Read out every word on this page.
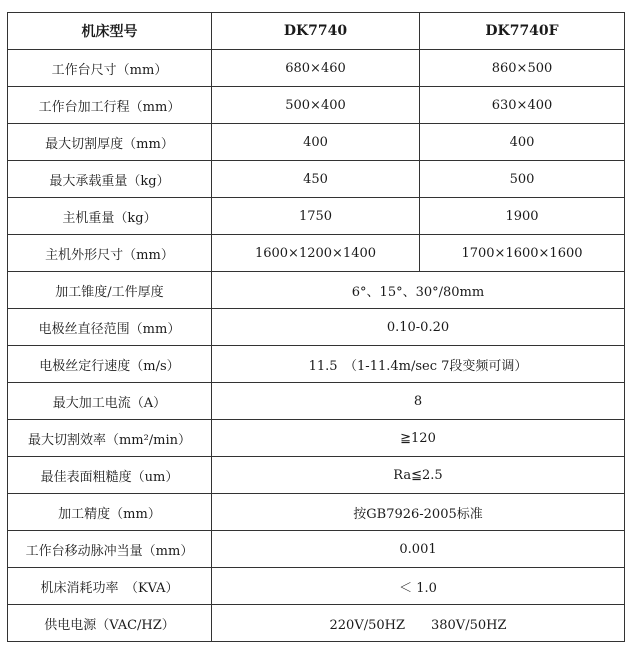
机床型号	DK7740	DK7740F
工作台尺寸（mm）	680×460	860×500
工作台加工行程（mm）	500×400	630×400
最大切割厚度（mm）	400	400
最大承载重量（kg）	450	500
主机重量（kg）	1750	1900
主机外形尺寸（mm）	1600×1200×1400	1700×1600×1600
加工锥度/工件厚度	6°、15°、30°/80mm	
电极丝直径范围（mm）	0.10-0.20	
电极丝定行速度（m/s）	11.5　（1-11.4m/sec 7段变频可调）	
最大加工电流（A）	8	
最大切割效率（mm²/min）	≧120	
最佳表面粗糙度（um）	Ra≦2.5	
加工精度（mm）	按GB7926-2005标准	
工作台移动脉冲当量（mm）	0.001	
机床消耗功率　（KVA）	＜ 1.0	
供电电源（VAC/HZ）	220V/50HZ　　380V/50HZ	
